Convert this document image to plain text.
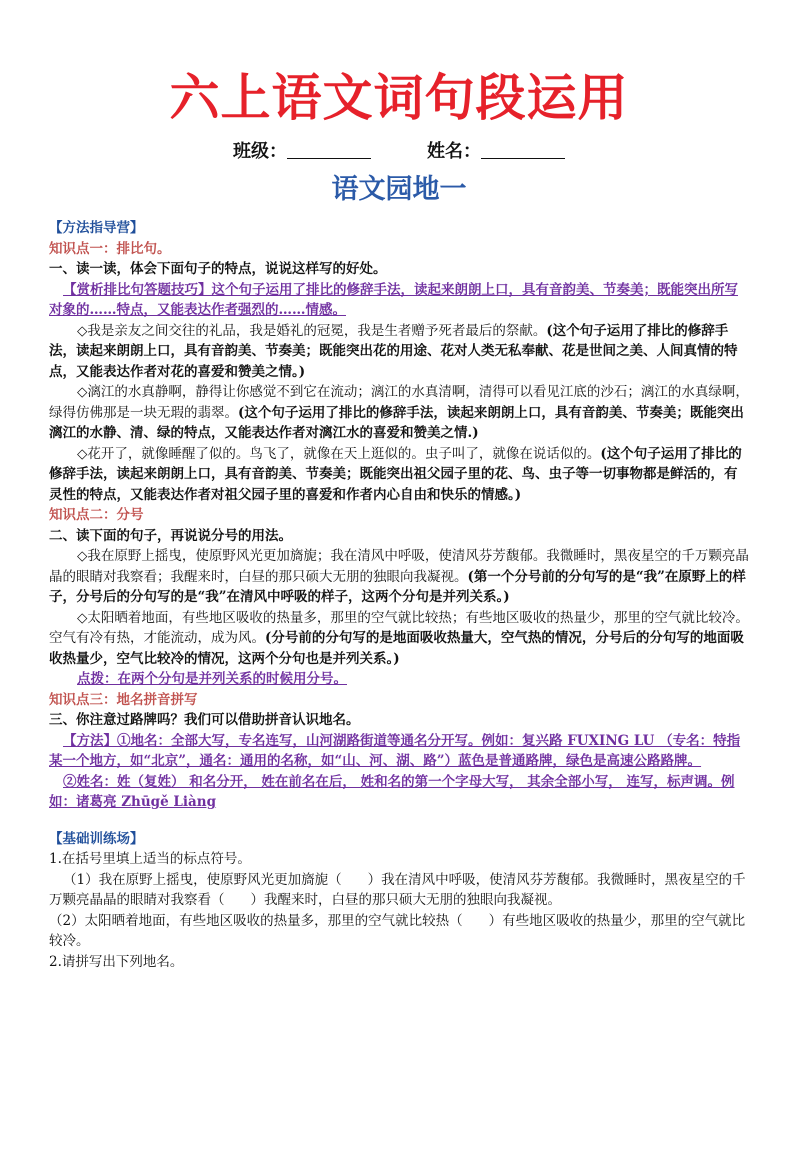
六上语文词句段运用
班级：	姓名：
语文园地一

【方法指导营】

知识点一：排比句。

一、读一读，体会下面句子的特点，说说这样写的好处。

【赏析排比句答题技巧】这个句子运用了排比的修辞手法，读起来朗朗上口，具有音韵美、节奏美；既能突出所写对象的……特点，又能表达作者强烈的……情感。

◇我是亲友之间交往的礼品，我是婚礼的冠冕，我是生者赠予死者最后的祭献。(这个句子运用了排比的修辞手法，读起来朗朗上口，具有音韵美、节奏美；既能突出花的用途、花对人类无私奉献、花是世间之美、人间真情的特点，又能表达作者对花的喜爱和赞美之情。)

◇漓江的水真静啊，静得让你感觉不到它在流动；漓江的水真清啊，清得可以看见江底的沙石；漓江的水真绿啊，绿得仿佛那是一块无瑕的翡翠。(这个句子运用了排比的修辞手法，读起来朗朗上口，具有音韵美、节奏美；既能突出漓江的水静、清、绿的特点，又能表达作者对漓江水的喜爱和赞美之情.)

◇花开了，就像睡醒了似的。鸟飞了，就像在天上逛似的。虫子叫了，就像在说话似的。(这个句子运用了排比的修辞手法，读起来朗朗上口，具有音韵美、节奏美；既能突出祖父园子里的花、鸟、虫子等一切事物都是鲜活的，有灵性的特点，又能表达作者对祖父园子里的喜爱和作者内心自由和快乐的情感。)

知识点二：分号

二、读下面的句子，再说说分号的用法。

◇我在原野上摇曳，使原野风光更加旖旎；我在清风中呼吸，使清风芬芳馥郁。我微睡时，黑夜星空的千万颗亮晶晶的眼睛对我察看；我醒来时，白昼的那只硕大无朋的独眼向我凝视。(第一个分号前的分句写的是“我”在原野上的样子，分号后的分句写的是“我”在清风中呼吸的样子，这两个分句是并列关系。)

◇太阳晒着地面，有些地区吸收的热量多，那里的空气就比较热；有些地区吸收的热量少，那里的空气就比较冷。空气有冷有热，才能流动，成为风。(分号前的分句写的是地面吸收热量大，空气热的情况，分号后的分句写的地面吸收热量少，空气比较冷的情况，这两个分句也是并列关系。)

点拨：在两个分句是并列关系的时候用分号。

知识点三：地名拼音拼写

三、你注意过路牌吗？我们可以借助拼音认识地名。

【方法】①地名：全部大写，专名连写，山河湖路街道等通名分开写。例如：复兴路 FUXING LU （专名：特指某一个地方，如“北京”，通名：通用的名称，如“山、河、湖、路”）蓝色是普通路牌，绿色是高速公路路牌。

②姓名：姓（复姓） 和名分开， 姓在前名在后， 姓和名的第一个字母大写， 其余全部小写， 连写，标声调。例如：诸葛亮 Zhūgě Liàng

【基础训练场】

1.在括号里填上适当的标点符号。

（1）我在原野上摇曳，使原野风光更加旖旎（ ）我在清风中呼吸，使清风芬芳馥郁。我微睡时，黑夜星空的千万颗亮晶晶的眼睛对我察看（ ）我醒来时，白昼的那只硕大无朋的独眼向我凝视。

（2）太阳晒着地面，有些地区吸收的热量多，那里的空气就比较热（ ）有些地区吸收的热量少，那里的空气就比较冷。

2.请拼写出下列地名。
